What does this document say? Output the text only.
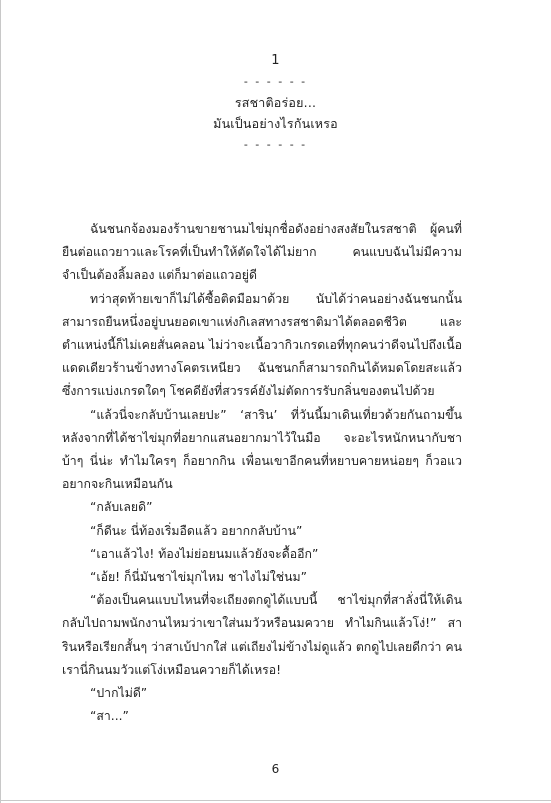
1
- - - - - -
รสชาติอร่อย...
มันเป็นอย่างไรกันเหรอ
- - - - - -

ฉันชนกจ้องมองร้านขายชานมไข่มุกชื่อดังอย่างสงสัยในรสชาติ ผู้คนที่ยืนต่อแถวยาวและโรคที่เป็นทำให้ตัดใจได้ไม่ยาก คนแบบฉันไม่มีความจำเป็นต้องลิ้มลอง แต่ก็มาต่อแถวอยู่ดี

ทว่าสุดท้ายเขาก็ไม่ได้ซื้อติดมือมาด้วย นับได้ว่าคนอย่างฉันชนกนั้นสามารถยืนหนึ่งอยู่บนยอดเขาแห่งกิเลสทางรสชาติมาได้ตลอดชีวิต และตำแหน่งนี้ก็ไม่เคยสั่นคลอน ไม่ว่าจะเนื้อวากิวเกรดเอที่ทุกคนว่าดีจนไปถึงเนื้อแดดเดียวร้านข้างทางโคตรเหนียว ฉันชนกก็สามารถกินได้หมดโดยสะแล้วซึ่งการแบ่งเกรดใดๆ โชคดียังที่สวรรค์ยังไม่ตัดการรับกลิ่นของตนไปด้วย

“แล้วนี่จะกลับบ้านเลยปะ” ‘สาริน’ ที่วันนี้มาเดินเที่ยวด้วยกันถามขึ้นหลังจากที่ได้ชาไข่มุกที่อยากแสนอยากมาไว้ในมือ จะอะไรหนักหนากับชาบ้าๆ นี่น่ะ ทำไมใครๆ ก็อยากกิน เพื่อนเขาอีกคนที่หยาบคายหน่อยๆ ก็วอแวอยากจะกินเหมือนกัน

“กลับเลยดิ”

“ก็ดีนะ นี่ท้องเริ่มอืดแล้ว อยากกลับบ้าน”

“เอาแล้วไง! ท้องไม่ย่อยนมแล้วยังจะดื้ออีก”

“เอ้ย! ก็นี่มันชาไข่มุกไหม ชาไงไม่ใช่นม”

“ต้องเป็นคนแบบไหนที่จะเถียงตกดูได้แบบนี้ ชาไข่มุกที่สาลั่งนี่ให้เดินกลับไปถามพนักงานไหมว่าเขาใส่นมวัวหรือนมควาย ทำไมกินแล้วโง่!” สารินหรือเรียกสั้นๆ ว่าสาเบ้ปากใส่ แต่เถียงไม่ข้างไม่ดูแล้ว ตกดูไปเลยดีกว่า คนเรานี่กินนมวัวแต่โง่เหมือนควายก็ได้เหรอ!

“ปากไม่ดี”

“สา...”

6
